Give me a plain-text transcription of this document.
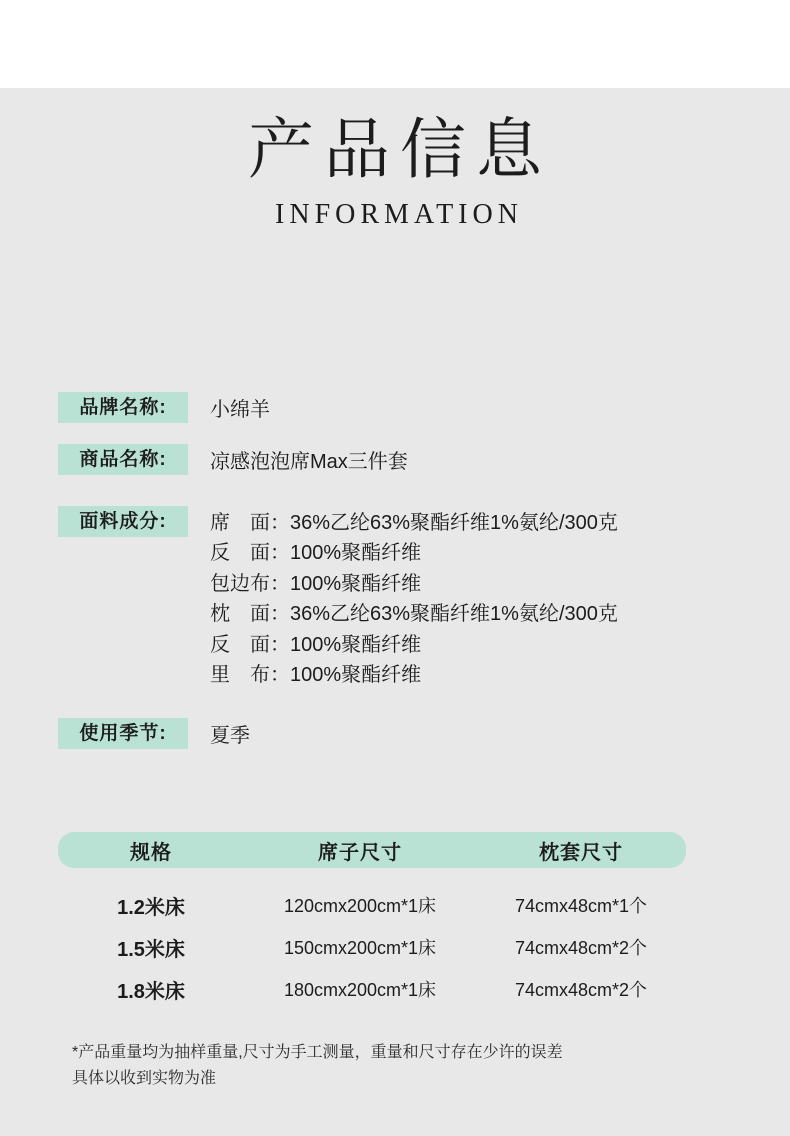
产品信息
INFORMATION
品牌名称:	小绵羊
商品名称:	凉感泡泡席Max三件套
面料成分:	席　面：36%乙纶63%聚酯纤维1%氨纶/300克
反　面：100%聚酯纤维
包边布：100%聚酯纤维
枕　面：36%乙纶63%聚酯纤维1%氨纶/300克
反　面：100%聚酯纤维
里　布：100%聚酯纤维
使用季节:	夏季
规格	席子尺寸	枕套尺寸
1.2米床	120cmx200cm*1床	74cmx48cm*1个
1.5米床	150cmx200cm*1床	74cmx48cm*2个
1.8米床	180cmx200cm*1床	74cmx48cm*2个
*产品重量均为抽样重量,尺寸为手工测量，重量和尺寸存在少许的误差
具体以收到实物为准
